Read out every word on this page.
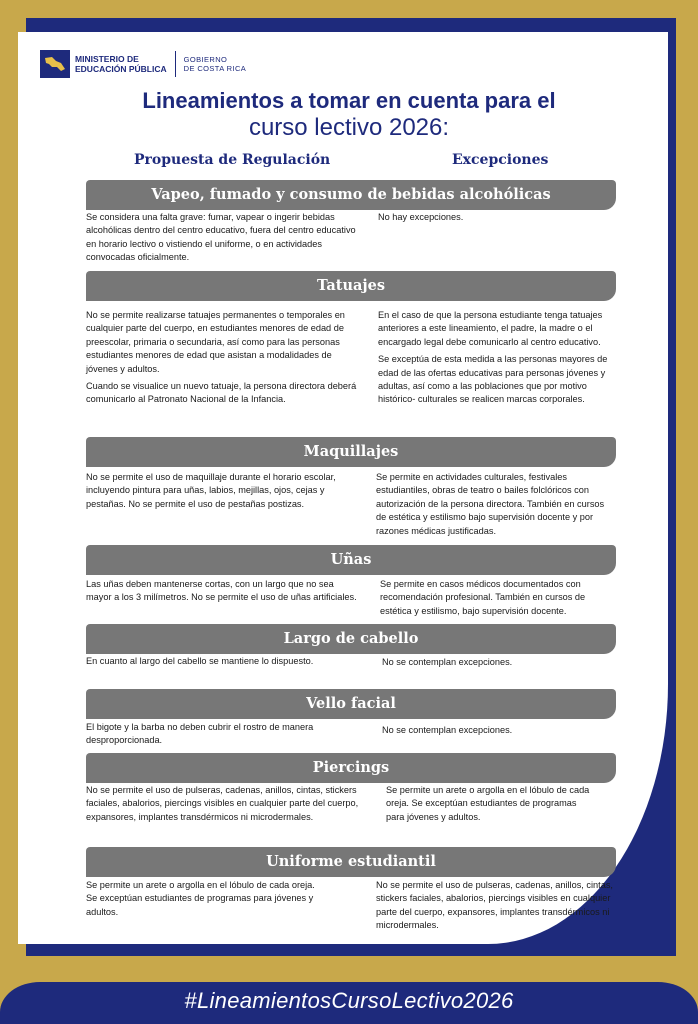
MINISTERIO DE
EDUCACIÓN PÚBLICA
GOBIERNO
DE COSTA RICA
Lineamientos a tomar en cuenta para el
curso lectivo 2026:
Propuesta de Regulación	Excepciones
Vapeo, fumado y consumo de bebidas alcohólicas

Se considera una falta grave: fumar, vapear o ingerir bebidas alcohólicas dentro del centro educativo, fuera del centro educativo en horario lectivo o vistiendo el uniforme, o en actividades convocadas oficialmente.

No hay excepciones.

Tatuajes

No se permite realizarse tatuajes permanentes o temporales en cualquier parte del cuerpo, en estudiantes menores de edad de preescolar, primaria o secundaria, así como para las personas estudiantes menores de edad que asistan a modalidades de jóvenes y adultos.

Cuando se visualice un nuevo tatuaje, la persona directora deberá comunicarlo al Patronato Nacional de la Infancia.

En el caso de que la persona estudiante tenga tatuajes anteriores a este lineamiento, el padre, la madre o el encargado legal debe comunicarlo al centro educativo.

Se exceptúa de esta medida a las personas mayores de edad de las ofertas educativas para personas jóvenes y adultas, así como a las poblaciones que por motivo histórico- culturales se realicen marcas corporales.

Maquillajes

No se permite el uso de maquillaje durante el horario escolar, incluyendo pintura para uñas, labios, mejillas, ojos, cejas y pestañas. No se permite el uso de pestañas postizas.

Se permite en actividades culturales, festivales estudiantiles, obras de teatro o bailes folclóricos con autorización de la persona directora. También en cursos de estética y estilismo bajo supervisión docente y por razones médicas justificadas.

Uñas

Las uñas deben mantenerse cortas, con un largo que no sea mayor a los 3 milímetros. No se permite el uso de uñas artificiales.

Se permite en casos médicos documentados con recomendación profesional. También en cursos de estética y estilismo, bajo supervisión docente.

Largo de cabello

En cuanto al largo del cabello se mantiene lo dispuesto.	No se contemplan excepciones.

Vello facial

El bigote y la barba no deben cubrir el rostro de manera desproporcionada.

No se contemplan excepciones.

Piercings

No se permite el uso de pulseras, cadenas, anillos, cintas, stickers faciales, abalorios, piercings visibles en cualquier parte del cuerpo, expansores, implantes transdérmicos ni microdermales.

Se permite un arete o argolla en el lóbulo de cada oreja. Se exceptúan estudiantes de programas para jóvenes y adultos.

Uniforme estudiantil

Se permite un arete o argolla en el lóbulo de cada oreja. Se exceptúan estudiantes de programas para jóvenes y adultos.

No se permite el uso de pulseras, cadenas, anillos, cintas, stickers faciales, abalorios, piercings visibles en cualquier parte del cuerpo, expansores, implantes transdérmicos ni microdermales.

#LineamientosCursoLectivo2026
